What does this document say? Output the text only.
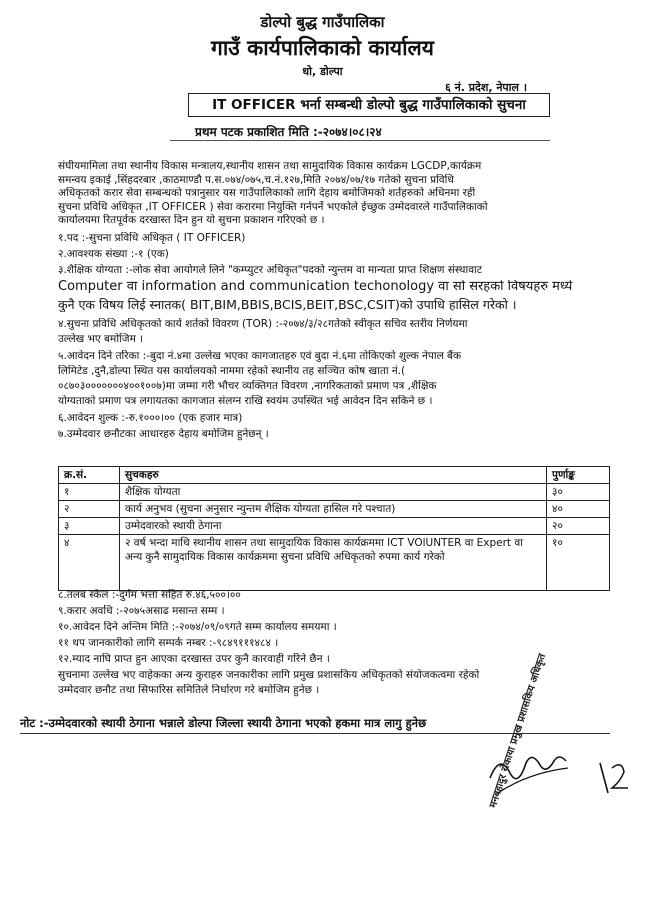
डोल्पो बुद्ध गाउँपालिका
गाउँ कार्यपालिकाको कार्यालय
धो, डोल्पा
६ नं. प्रदेश, नेपाल ।
IT OFFICER भर्ना सम्बन्धी डोल्पो बुद्ध गाउँपालिकाको सुचना
प्रथम पटक प्रकाशित मिति :-२०७४।०८।२४
संघीयमामिला तथा स्थानीय विकास मन्त्रालय,स्थानीय शासन तथा सामुदायिक विकास कार्यक्रम LGCDP,कार्यक्रम
समन्वय इकाई ,सिंहदरबार ,काठमाण्डौ प.स.०७४/०७५,च.नं.१२७,मिति २०७४/०७/१७ गतेको सुचना प्रविधि
अधिकृतको करार सेवा सम्बन्धको पत्रानुसार यस गाउँपालिकाको लागि देहाय बमोजिमको शर्तहरुको अधिनमा रही
सुचना प्रविधि अधिकृत ,IT OFFICER ) सेवा करारमा नियुक्ति गर्नपर्ने भएकोले ईच्छुक उम्मेदवारले गाउँपालिकाको
कार्यालयमा रितपूर्वक दरखास्त दिन हुन यो सुचना प्रकाशन गरिएको छ ।
१.पद :-सुचना प्रविधि अधिकृत ( IT OFFICER)
२.आवश्यक संख्या :-१ (एक)
३.शैक्षिक योग्यता :-लोक सेवा आयोगले लिने "कम्प्युटर अधिकृत"पदको न्युन्तम वा मान्यता प्राप्त शिक्षण संस्थावाट
Computer वा information and communication techonology वा सो सरहको विषयहरु मध्ये
कुनै एक विषय लिई स्नातक( BIT,BIM,BBIS,BCIS,BEIT,BSC,CSIT)को उपाधि हासिल गरेको ।
४.सुचना प्रविधि अधिकृतको कार्य शर्तको विवरण (TOR) :-२०७४/३/२८गतेको स्वीकृत सचिव स्तरीय निर्णयमा
उल्लेख भए बमोजिम ।
५.आवेदन दिने तरिका :-बुदा नं.४मा उल्लेख भएका कागजातहरु एवं बुदा नं.६मा तोकिएको शुल्क नेपाल बैंक
लिमिटेड ,दुनै,डोल्पा स्थित यस कार्यालयको नाममा रहेको स्थानीय तह सञ्चित कोष खाता नं.(
०८७०३०००००००४००१००७)मा जम्मा गरी भौचर व्यक्तिगत विवरण ,नागरिकताको प्रमाण पत्र ,शैक्षिक
योग्यताको प्रमाण पत्र लगायतका कागजात संलग्न राखि स्वयंम उपस्थित भई आवेदन दिन सकिने छ ।
६.आवेदन शुल्क :-रु.१०००।०० (एक हजार मात्र)
७.उम्मेदवार छनौटका आधारहरु देहाय बमोजिम हुनेछन् ।
क्र.सं.	सुचकहरु	पुर्णाङ्क
१	शैक्षिक योग्यता	३०
२	कार्य अनुभव (सुचना अनुसार न्युन्तम शैक्षिक योग्यता हासिल गरे पश्चात)	४०
३	उम्मेदवारको स्थायी ठेगाना	२०
४	२ वर्ष भन्दा माथि स्थानीय शासन तथा सामुदायिक विकास कार्यक्रममा ICT VOlUNTER वा Expert वा अन्य कुनै सामुदायिक विकास कार्यक्रममा सुचना प्रविधि अधिकृतको रुपमा कार्य गरेको	१०
८.तलब स्केल :-दुर्गम भत्ता सहित रु.४६,५००।००
९.करार अवधि :-२०७५असाढ मसान्त सम्म ।
१०.आवेदन दिने अन्तिम मिति :-२०७४/०९/०९गते सम्म कार्यालय समयमा ।
११ थप जानकारीको लागि सम्पर्क नम्बर :-९८४९१११४८४ ।
१२.म्याद नाघि प्राप्त हुन आएका दरखास्त उपर कुनै कारवाही गरिने छैन ।
सुचनामा उल्लेख भए वाहेकका अन्य कुराहरु जनकारीका लागि प्रमुख प्रशासकिय अधिकृतको संयोजकत्वमा रहेको
उम्मेदवार छनौट तथा सिफारिस समितिले निर्धारण गरे बमोजिम हुनेछ ।
नोट :-उम्मेदवारको स्थायी ठेगाना भन्नाले डोल्पा जिल्ला स्थायी ठेगाना भएको हकमा मात्र लागु हुनेछ	मनबहादुर रोकाया प्रमुख प्रशासकिय अधिकृत
